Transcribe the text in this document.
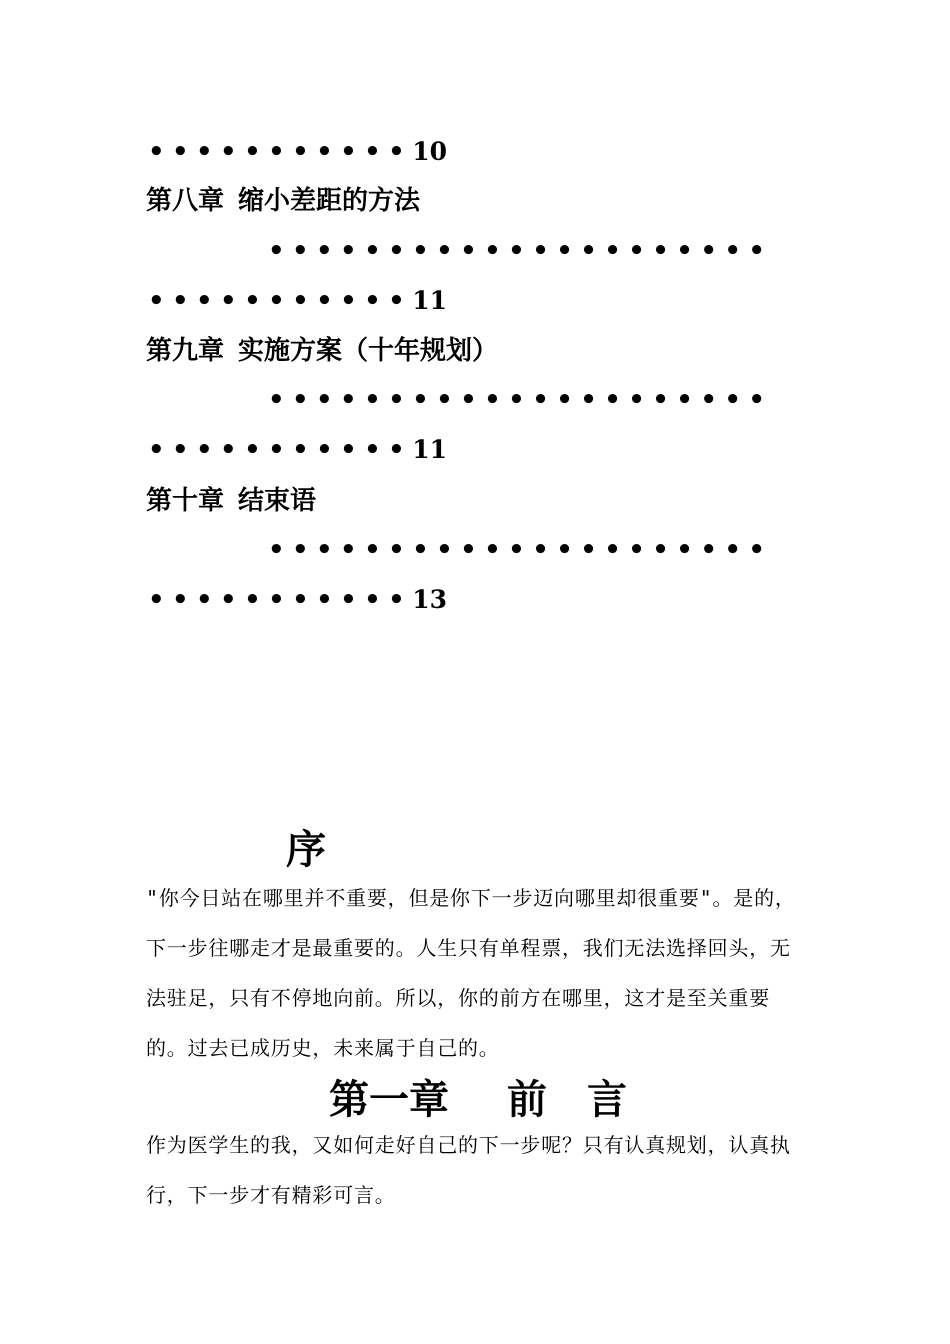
•••••••••••10
第八章 缩小差距的方法
•••••••••••••••••••••
•••••••••••11
第九章 实施方案（十年规划）
•••••••••••••••••••••
•••••••••••11
第十章 结束语
•••••••••••••••••••••
•••••••••••13
序
"你今日站在哪里并不重要，但是你下一步迈向哪里却很重要"。是的，下一步往哪走才是最重要的。人生只有单程票，我们无法选择回头，无法驻足，只有不停地向前。所以，你的前方在哪里，这才是至关重要的。过去已成历史，未来属于自己的。
第一章 前 言
作为医学生的我，又如何走好自己的下一步呢？只有认真规划，认真执行，下一步才有精彩可言。
